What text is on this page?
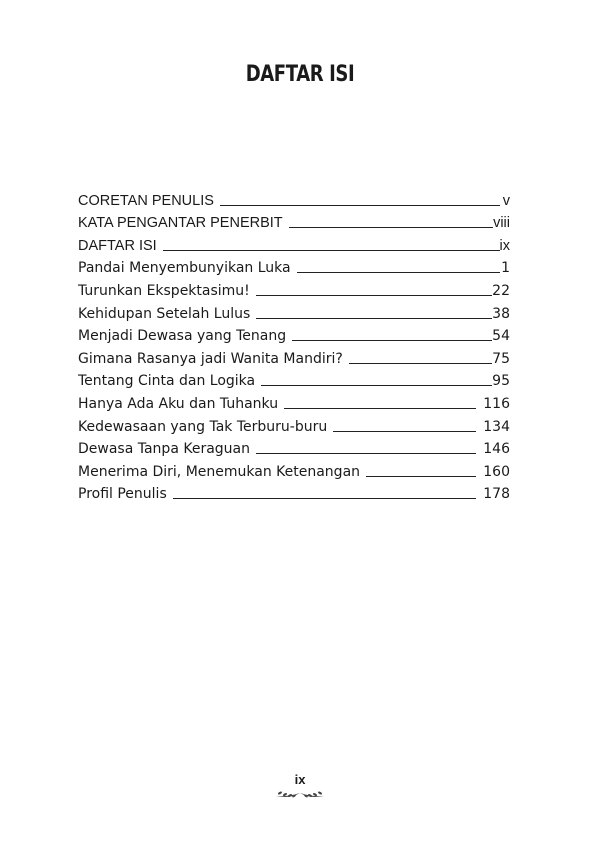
DAFTAR ISI
CORETAN PENULIS	v
KATA PENGANTAR PENERBIT	viii
DAFTAR ISI	ix
Pandai Menyembunyikan Luka	1
Turunkan Ekspektasimu!	22
Kehidupan Setelah Lulus	38
Menjadi Dewasa yang Tenang	54
Gimana Rasanya jadi Wanita Mandiri?	75
Tentang Cinta dan Logika	95
Hanya Ada Aku dan Tuhanku	116
Kedewasaan yang Tak Terburu-buru	134
Dewasa Tanpa Keraguan	146
Menerima Diri, Menemukan Ketenangan	160
Profil Penulis	178
ix
